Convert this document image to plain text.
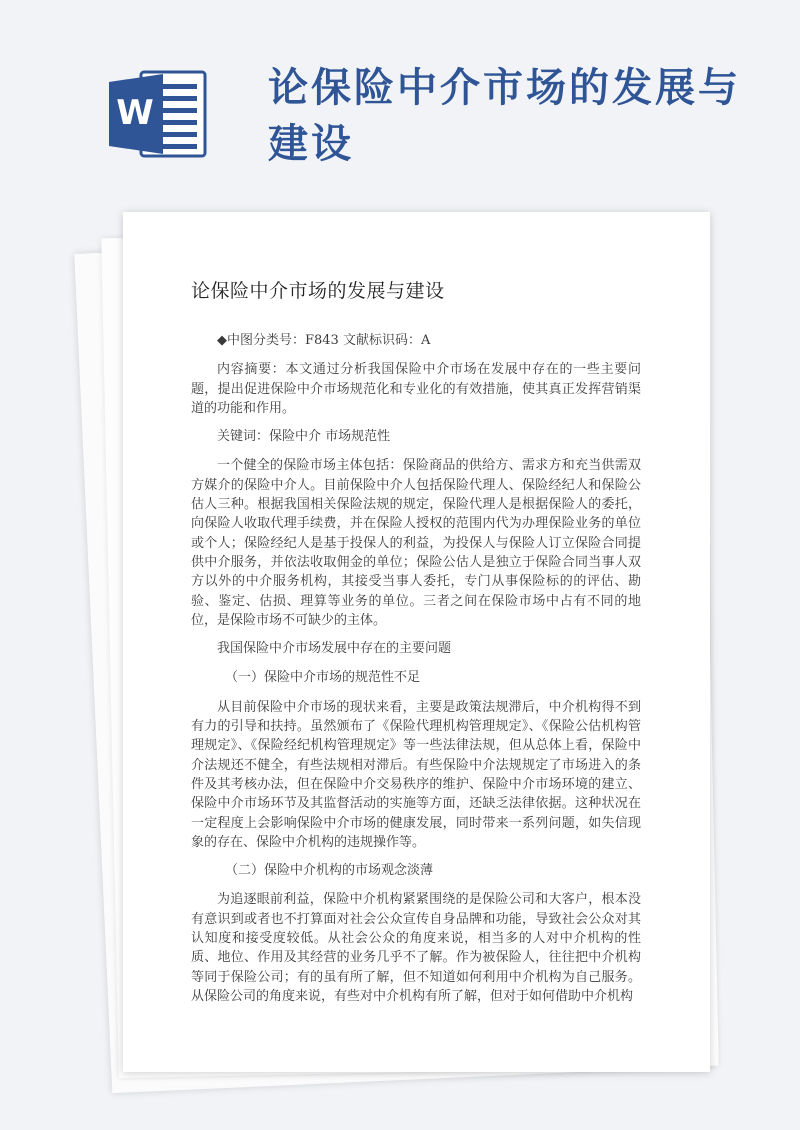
W
论保险中介市场的发展与建设
论保险中介市场的发展与建设
◆中图分类号：F843 文献标识码：A
内容摘要：本文通过分析我国保险中介市场在发展中存在的一些主要问题，提出促进保险中介市场规范化和专业化的有效措施，使其真正发挥营销渠道的功能和作用。
关键词：保险中介 市场规范性
一个健全的保险市场主体包括：保险商品的供给方、需求方和充当供需双方媒介的保险中介人。目前保险中介人包括保险代理人、保险经纪人和保险公估人三种。根据我国相关保险法规的规定，保险代理人是根据保险人的委托，向保险人收取代理手续费，并在保险人授权的范围内代为办理保险业务的单位或个人；保险经纪人是基于投保人的利益，为投保人与保险人订立保险合同提供中介服务，并依法收取佣金的单位；保险公估人是独立于保险合同当事人双方以外的中介服务机构，其接受当事人委托，专门从事保险标的的评估、勘验、鉴定、估损、理算等业务的单位。三者之间在保险市场中占有不同的地位，是保险市场不可缺少的主体。
我国保险中介市场发展中存在的主要问题
（一）保险中介市场的规范性不足
从目前保险中介市场的现状来看，主要是政策法规滞后，中介机构得不到有力的引导和扶持。虽然颁布了《保险代理机构管理规定》、《保险公估机构管理规定》、《保险经纪机构管理规定》等一些法律法规，但从总体上看，保险中介法规还不健全，有些法规相对滞后。有些保险中介法规规定了市场进入的条件及其考核办法，但在保险中介交易秩序的维护、保险中介市场环境的建立、保险中介市场环节及其监督活动的实施等方面，还缺乏法律依据。这种状况在一定程度上会影响保险中介市场的健康发展，同时带来一系列问题，如失信现象的存在、保险中介机构的违规操作等。
（二）保险中介机构的市场观念淡薄
为追逐眼前利益，保险中介机构紧紧围绕的是保险公司和大客户，根本没有意识到或者也不打算面对社会公众宣传自身品牌和功能，导致社会公众对其认知度和接受度较低。从社会公众的角度来说，相当多的人对中介机构的性质、地位、作用及其经营的业务几乎不了解。作为被保险人，往往把中介机构等同于保险公司；有的虽有所了解，但不知道如何利用中介机构为自己服务。从保险公司的角度来说，有些对中介机构有所了解，但对于如何借助中介机构
